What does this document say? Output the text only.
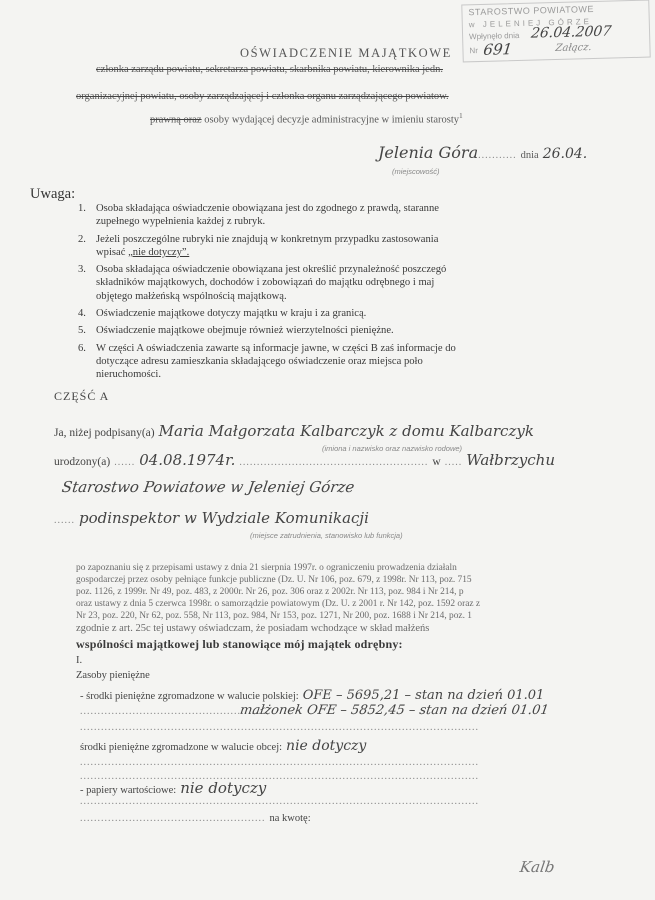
STAROSTWO POWIATOWE
w JELENIEJ GÓRZE
Wpłynęło dnia 26.04.2007
Nr 691	Załącz.
OŚWIADCZENIE MAJĄTKOWE
członka zarządu powiatu, sekretarza powiatu, skarbnika powiatu, kierownika jedn.
organizacyjnej powiatu, osoby zarządzającej i członka organu zarządzającego powiatow.
prawną oraz osoby wydającej decyzje administracyjne w imieniu starosty$^1$
Jelenia Góra........... dnia 26.04.
(miejscowość)
Uwaga:
1. Osoba składająca oświadczenie obowiązana jest do zgodnego z prawdą, staranne
zupełnego wypełnienia każdej z rubryk.
2. Jeżeli poszczególne rubryki nie znajdują w konkretnym przypadku zastosowania
wpisać „nie dotyczy”.
3. Osoba składająca oświadczenie obowiązana jest określić przynależność poszczegó
składników majątkowych, dochodów i zobowiązań do majątku odrębnego i maj
objętego małżeńską wspólnością majątkową.
4. Oświadczenie majątkowe dotyczy majątku w kraju i za granicą.
5. Oświadczenie majątkowe obejmuje również wierzytelności pieniężne.
6. W części A oświadczenia zawarte są informacje jawne, w części B zaś informacje do
dotyczące adresu zamieszkania składającego oświadczenie oraz miejsca poło
nieruchomości.
CZĘŚĆ A
Ja, niżej podpisany(a) Maria Małgorzata Kalbarczyk z domu Kalbarczyk
(imiona i nazwisko oraz nazwisko rodowe)
urodzony(a) ...... 04.08.1974r. ...................................................... w ..... Wałbrzychu
Starostwo Powiatowe w Jeleniej Górze
...... podinspektor w Wydziale Komunikacji
(miejsce zatrudnienia, stanowisko lub funkcja)
po zapoznaniu się z przepisami ustawy z dnia 21 sierpnia 1997r. o ograniczeniu prowadzenia działaln
gospodarczej przez osoby pełniące funkcje publiczne (Dz. U. Nr 106, poz. 679, z 1998r. Nr 113, poz. 715
poz. 1126, z 1999r. Nr 49, poz. 483, z 2000r. Nr 26, poz. 306 oraz z 2002r. Nr 113, poz. 984 i Nr 214, p
oraz ustawy z dnia 5 czerwca 1998r. o samorządzie powiatowym (Dz. U. z 2001 r. Nr 142, poz. 1592 oraz z
Nr 23, poz. 220, Nr 62, poz. 558, Nr 113, poz. 984, Nr 153, poz. 1271, Nr 200, poz. 1688 i Nr 214, poz. 1
zgodnie z art. 25c tej ustawy oświadczam, że posiadam wchodzące w skład małżeńs
wspólności majątkowej lub stanowiące mój majątek odrębny:
I.
Zasoby pieniężne
- środki pieniężne zgromadzone w walucie polskiej: OFE – 5695,21 – stan na dzień 01.01
......................................................
małżonek OFE – 5852,45 – stan na dzień 01.01
..................................................................................................................
środki pieniężne zgromadzone w walucie obcej: nie dotyczy
..................................................................................................................
..................................................................................................................
- papiery wartościowe: nie dotyczy
..................................................................................................................
..................................................... na kwotę:
Kalb
